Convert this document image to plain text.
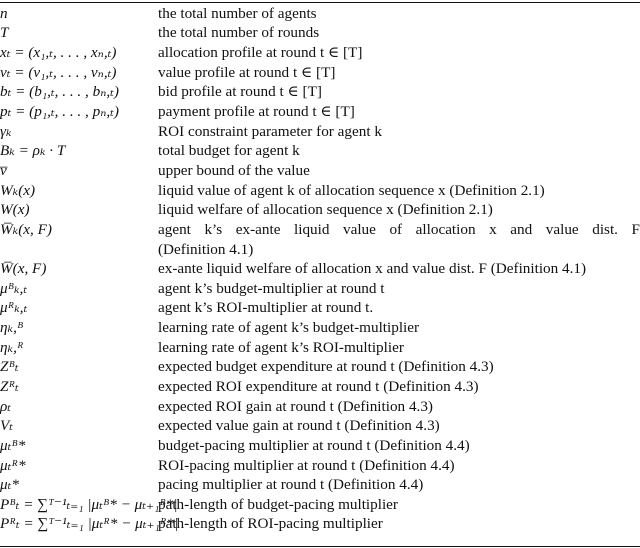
n	the total number of agents
T	the total number of rounds
xₜ = (x₁,ₜ, . . . , xₙ,ₜ)	allocation profile at round t ∈ [T]
vₜ = (v₁,ₜ, . . . , vₙ,ₜ)	value profile at round t ∈ [T]
bₜ = (b₁,ₜ, . . . , bₙ,ₜ)	bid profile at round t ∈ [T]
pₜ = (p₁,ₜ, . . . , pₙ,ₜ)	payment profile at round t ∈ [T]
γₖ	ROI constraint parameter for agent k
Bₖ = ρₖ · T	total budget for agent k
v̅	upper bound of the value
Wₖ(x)	liquid value of agent k of allocation sequence x (Definition 2.1)
W(x)	liquid welfare of allocation sequence x (Definition 2.1)
W̅ₖ(x, F)	agent k’s ex-ante liquid value of allocation x and value dist. F
	(Definition 4.1)
W̅(x, F)	ex-ante liquid welfare of allocation x and value dist. F (Definition 4.1)
μᴮₖ,ₜ	agent k’s budget-multiplier at round t
μᴿₖ,ₜ	agent k’s ROI-multiplier at round t.
ηₖ,ᴮ	learning rate of agent k’s budget-multiplier
ηₖ,ᴿ	learning rate of agent k’s ROI-multiplier
Zᴮₜ	expected budget expenditure at round t (Definition 4.3)
Zᴿₜ	expected ROI expenditure at round t (Definition 4.3)
ρₜ	expected ROI gain at round t (Definition 4.3)
Vₜ	expected value gain at round t (Definition 4.3)
μₜᴮ*	budget-pacing multiplier at round t (Definition 4.4)
μₜᴿ*	ROI-pacing multiplier at round t (Definition 4.4)
μₜ*	pacing multiplier at round t (Definition 4.4)
Pᴮₜ = ∑ᵀ⁻¹ₜ₌₁ |μₜᴮ* − μₜ₊₁ᴮ*|	path-length of budget-pacing multiplier
Pᴿₜ = ∑ᵀ⁻¹ₜ₌₁ |μₜᴿ* − μₜ₊₁ᴿ*|	path-length of ROI-pacing multiplier
